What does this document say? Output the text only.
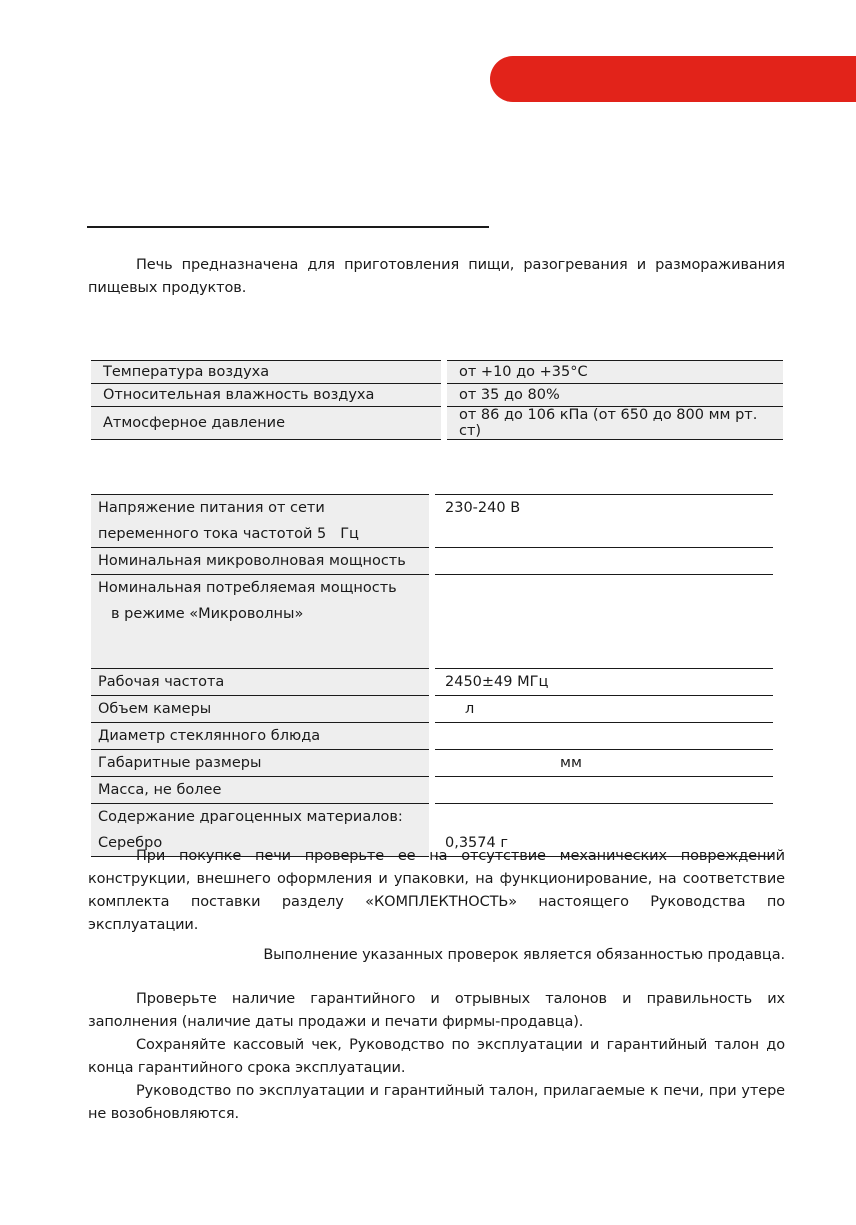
Печь предназначена для приготовления пищи, разогревания и размораживания пищевых продуктов.

Температура воздуха	от +10 до +35°С
Относительная влажность воздуха	от 35 до 80%
Атмосферное давление	от 86 до 106 кПа (от 650 до 800 мм рт. ст)
Напряжение питания от сети
переменного тока частотой 5 Гц	230-240 В
Номинальная микроволновая мощность	

Номинальная потребляемая мощность
в режиме «Микроволны»	

Рабочая частота	2450±49 МГц
Объем камеры	л
Диаметр стеклянного блюда	
Габаритные размеры	мм
Масса, не более	

Содержание драгоценных материалов:
Серебро	0,3574 г

При покупке печи проверьте ее на отсутствие механических повреждений конструкции, внешнего оформления и упаковки, на функционирование, на соответствие комплекта поставки разделу «КОМПЛЕКТНОСТЬ» настоящего Руководства по эксплуатации.

Выполнение указанных проверок является обязанностью продавца.

Проверьте наличие гарантийного и отрывных талонов и правильность их заполнения (наличие даты продажи и печати фирмы-продавца).

Сохраняйте кассовый чек, Руководство по эксплуатации и гарантийный талон до конца гарантийного срока эксплуатации.

Руководство по эксплуатации и гарантийный талон, прилагаемые к печи, при утере не возобновляются.
